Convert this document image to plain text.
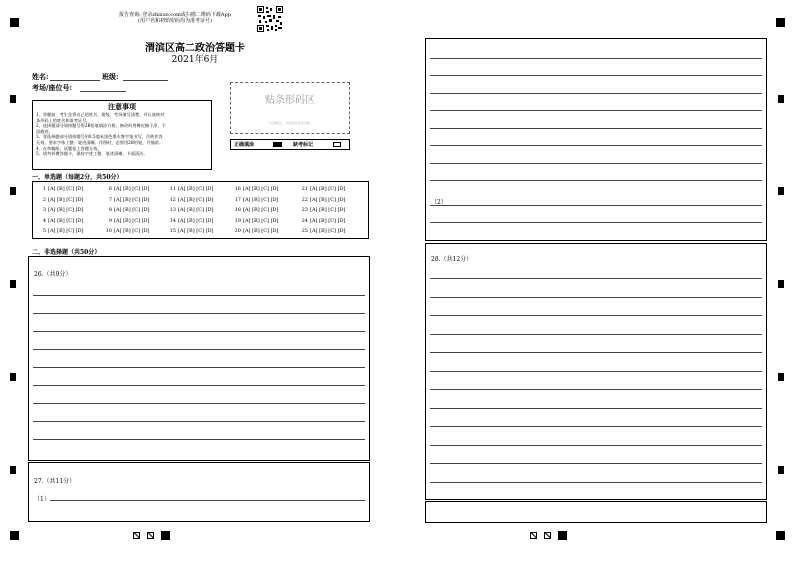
报告查询: 登录zhixue.com或扫描二维码下载App
(用户名和初始密码均为准考证号)
渭滨区高二政治答题卡
2021年6月
姓名:	班级:
考场/座位号:
贴条形码区
(正面朝上，切勿贴出虚线方框)
正确填涂	缺考标记
注意事项
1、答题前，考生先将自己的姓名、班级、考场填写清楚，并认真核对
条形码上的姓名和准考证号。
2、选择题部分请按题号用2B铅笔填涂方框，修改时用橡皮擦干净，不
留痕迹。
3、非选择题部分请按题号用0.5毫米黑色墨水签字笔书写，否则作答
无效。要求字体工整、笔迹清晰。作图时，必须用2B铅笔，并描浓。
4、在草稿纸、试题卷上答题无效。
5、请勿折叠答题卡，保持字迹工整、笔迹清晰、卡面清洁。
一、单选题（每题2分，共50分）
1 [A] [B] [C] [D]
2 [A] [B] [C] [D]
3 [A] [B] [C] [D]
4 [A] [B] [C] [D]
5 [A] [B] [C] [D]
6 [A] [B] [C] [D]
7 [A] [B] [C] [D]
8 [A] [B] [C] [D]
9 [A] [B] [C] [D]
10 [A] [B] [C] [D]
11 [A] [B] [C] [D]
12 [A] [B] [C] [D]
13 [A] [B] [C] [D]
14 [A] [B] [C] [D]
15 [A] [B] [C] [D]
16 [A] [B] [C] [D]
17 [A] [B] [C] [D]
18 [A] [B] [C] [D]
19 [A] [B] [C] [D]
20 [A] [B] [C] [D]
21 [A] [B] [C] [D]
22 [A] [B] [C] [D]
23 [A] [B] [C] [D]
24 [A] [B] [C] [D]
25 [A] [B] [C] [D]
二、非选择题（共50分）
26.（共9分）
27.（共11分）
（1）
（2）
28.（共12分）
